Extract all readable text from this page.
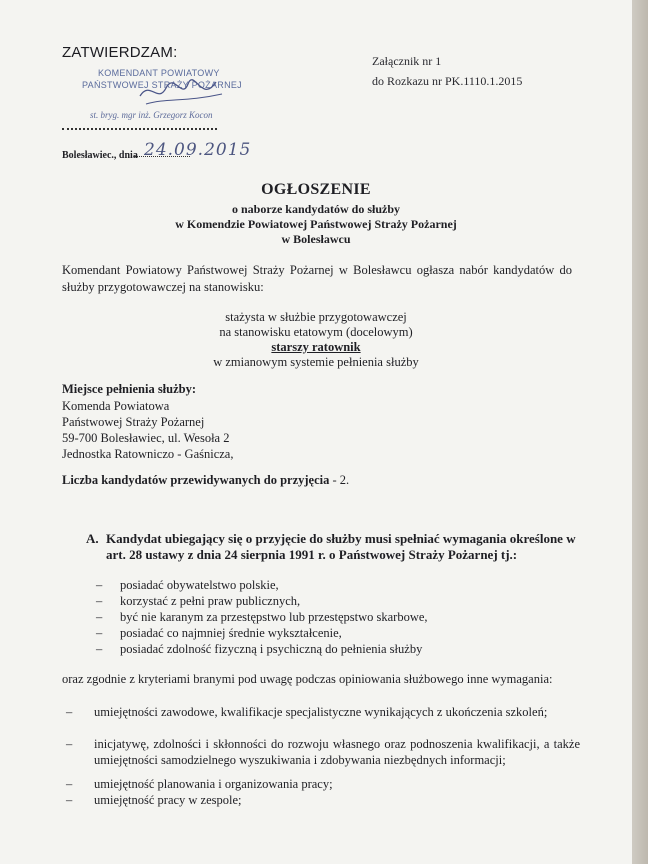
ZATWIERDZAM:
KOMENDANT POWIATOWY
PAŃSTWOWEJ STRAŻY POŻARNEJ
st. bryg. mgr inż. Grzegorz Kocon
Bolesławiec., dnia 24.09.2015
Załącznik nr 1
do Rozkazu nr PK.1110.1.2015
OGŁOSZENIE
o naborze kandydatów do służby
w Komendzie Powiatowej Państwowej Straży Pożarnej
w Bolesławcu
Komendant Powiatowy Państwowej Straży Pożarnej w Bolesławcu ogłasza nabór kandydatów do służby przygotowawczej na stanowisku:
stażysta w służbie przygotowawczej
na stanowisku etatowym (docelowym)
starszy ratownik
w zmianowym systemie pełnienia służby
Miejsce pełnienia służby:
Komenda Powiatowa
Państwowej Straży Pożarnej
59-700 Bolesławiec, ul. Wesoła 2
Jednostka Ratowniczo - Gaśnicza,
Liczba kandydatów przewidywanych do przyjęcia - 2.
A. Kandydat ubiegający się o przyjęcie do służby musi spełniać wymagania określone w art. 28 ustawy z dnia 24 sierpnia 1991 r. o Państwowej Straży Pożarnej tj.:
– posiadać obywatelstwo polskie,
– korzystać z pełni praw publicznych,
– być nie karanym za przestępstwo lub przestępstwo skarbowe,
– posiadać co najmniej średnie wykształcenie,
– posiadać zdolność fizyczną i psychiczną do pełnienia służby
oraz zgodnie z kryteriami branymi pod uwagę podczas opiniowania służbowego inne wymagania:
– umiejętności zawodowe, kwalifikacje specjalistyczne wynikających z ukończenia szkoleń;
– inicjatywę, zdolności i skłonności do rozwoju własnego oraz podnoszenia kwalifikacji, a także umiejętności samodzielnego wyszukiwania i zdobywania niezbędnych informacji;
– umiejętność planowania i organizowania pracy;
– umiejętność pracy w zespole;
